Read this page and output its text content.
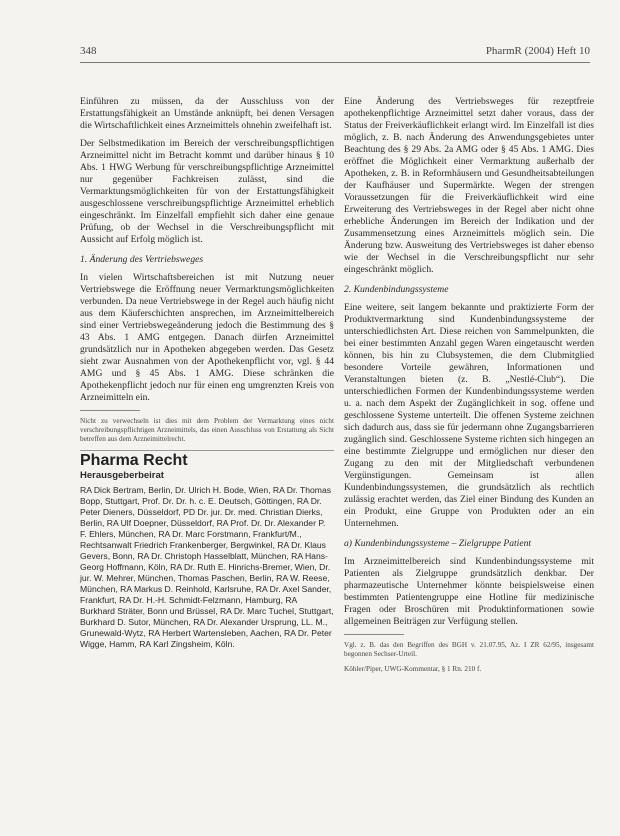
348	PharmR (2004) Heft 10

Einführen zu müssen, da der Ausschluss von der Erstattungsfähigkeit an Umstände anknüpft, bei denen Versagen die Wirtschaftlichkeit eines Arzneimittels ohnehin zweifelhaft ist.

Der Selbstmedikation im Bereich der verschreibungspflichtigen Arzneimittel nicht im Betracht kommt und darüber hinaus § 10 Abs. 1 HWG Werbung für verschreibungspflichtige Arzneimittel nur gegenüber Fachkreisen zulässt, sind die Vermarktungsmöglichkeiten für von der Erstattungsfähigkeit ausgeschlossene verschreibungspflichtige Arzneimittel erheblich eingeschränkt. Im Einzelfall empfiehlt sich daher eine genaue Prüfung, ob der Wechsel in die Verschreibungspflicht mit Aussicht auf Erfolg möglich ist.

1. Änderung des Vertriebsweges

In vielen Wirtschaftsbereichen ist mit Nutzung neuer Vertriebswege die Eröffnung neuer Vermarktungsmöglichkeiten verbunden. Da neue Vertriebswege in der Regel auch häufig nicht aus dem Käuferschichten ansprechen, im Arzneimittelbereich sind einer Vertriebswegeänderung jedoch die Bestimmung des § 43 Abs. 1 AMG entgegen. Danach dürfen Arzneimittel grundsätzlich nur in Apotheken abgegeben werden. Das Gesetz sieht zwar Ausnahmen von der Apothekenpflicht vor, vgl. § 44 AMG und § 45 Abs. 1 AMG. Diese schränken die Apothekenpflicht jedoch nur für einen eng umgrenzten Kreis von Arzneimitteln ein.

Nicht zu verwechseln ist dies mit dem Problem der Vermarktung eines nicht verschreibungspflichtigen Arzneimittels, das einen Ausschluss von Erstattung als Sicht betreffen aus dem Arzneimittelrecht.
Pharma Recht
Herausgeberbeirat
RA Dick Bertram, Berlin, Dr. Ulrich H. Bode, Wien, RA Dr. Thomas Bopp, Stuttgart, Prof. Dr. Dr. h. c. E. Deutsch, Göttingen, RA Dr. Peter Dieners, Düsseldorf, PD Dr. jur. Dr. med. Christian Dierks, Berlin, RA Ulf Doepner, Düsseldorf, RA Prof. Dr. Dr. Alexander P. F. Ehlers, München, RA Dr. Marc Forstmann, Frankfurt/M., Rechtsanwalt Friedrich Frankenberger, Bergwinkel, RA Dr. Klaus Gevers, Bonn, RA Dr. Christoph Hasselblatt, München, RA Hans-Georg Hoffmann, Köln, RA Dr. Ruth E. Hinrichs-Bremer, Wien, Dr. jur. W. Mehrer, München, Thomas Paschen, Berlin, RA W. Reese, München, RA Markus D. Reinhold, Karlsruhe, RA Dr. Axel Sander, Frankfurt, RA Dr. H.-H. Schmidt-Felzmann, Hamburg, RA Burkhard Sträter, Bonn und Brüssel, RA Dr. Marc Tuchel, Stuttgart, Burkhard D. Sutor, München, RA Dr. Alexander Ursprung, LL. M., Grunewald-Wytz, RA Herbert Wartensleben, Aachen, RA Dr. Peter Wigge, Hamm, RA Karl Zingsheim, Köln.

Eine Änderung des Vertriebsweges für rezeptfreie apothekenpflichtige Arzneimittel setzt daher voraus, dass der Status der Freiverkäuflichkeit erlangt wird. Im Einzelfall ist dies möglich, z. B. nach Änderung des Anwendungsgebietes unter Beachtung des § 29 Abs. 2a AMG oder § 45 Abs. 1 AMG. Dies eröffnet die Möglichkeit einer Vermarktung außerhalb der Apotheken, z. B. in Reformhäusern und Gesundheitsabteilungen der Kaufhäuser und Supermärkte. Wegen der strengen Voraussetzungen für die Freiverkäuflichkeit wird eine Erweiterung des Vertriebsweges in der Regel aber nicht ohne erhebliche Änderungen im Bereich der Indikation und der Zusammensetzung eines Arzneimittels möglich sein. Die Änderung bzw. Ausweitung des Vertriebsweges ist daher ebenso wie der Wechsel in die Verschreibungspflicht nur sehr eingeschränkt möglich.

2. Kundenbindungssysteme

Eine weitere, seit langem bekannte und praktizierte Form der Produktvermarktung sind Kundenbindungssysteme der unterschiedlichsten Art. Diese reichen von Sammelpunkten, die bei einer bestimmten Anzahl gegen Waren eingetauscht werden können, bis hin zu Clubsystemen, die dem Clubmitglied besondere Vorteile gewähren, Informationen und Veranstaltungen bieten (z. B. „Nestlé-Club“). Die unterschiedlichen Formen der Kundenbindungssysteme werden u. a. nach dem Aspekt der Zugänglichkeit in sog. offene und geschlossene Systeme unterteilt. Die offenen Systeme zeichnen sich dadurch aus, dass sie für jedermann ohne Zugangsbarrieren zugänglich sind. Geschlossene Systeme richten sich hingegen an eine bestimmte Zielgruppe und ermöglichen nur dieser den Zugang zu den mit der Mitgliedschaft verbundenen Vergünstigungen. Gemeinsam ist allen Kundenbindungssystemen, die grundsätzlich als rechtlich zulässig erachtet werden, das Ziel einer Bindung des Kunden an ein Produkt, eine Gruppe von Produkten oder an ein Unternehmen.

a) Kundenbindungssysteme – Zielgruppe Patient

Im Arzneimittelbereich sind Kundenbindungssysteme mit Patienten als Zielgruppe grundsätzlich denkbar. Der pharmazeutische Unternehmer könnte beispielsweise einen bestimmten Patientengruppe eine Hotline für medizinische Fragen oder Broschüren mit Produktinformationen sowie allgemeinen Beiträgen zur Verfügung stellen.

Vgl. z. B. das den Begriffen des BGH v. 21.07.95, Az. I ZR 62/95, insgesamt begonnen Sechser-Urteil.
Köhler/Piper, UWG-Kommentar, § 1 Rn. 210 f.
